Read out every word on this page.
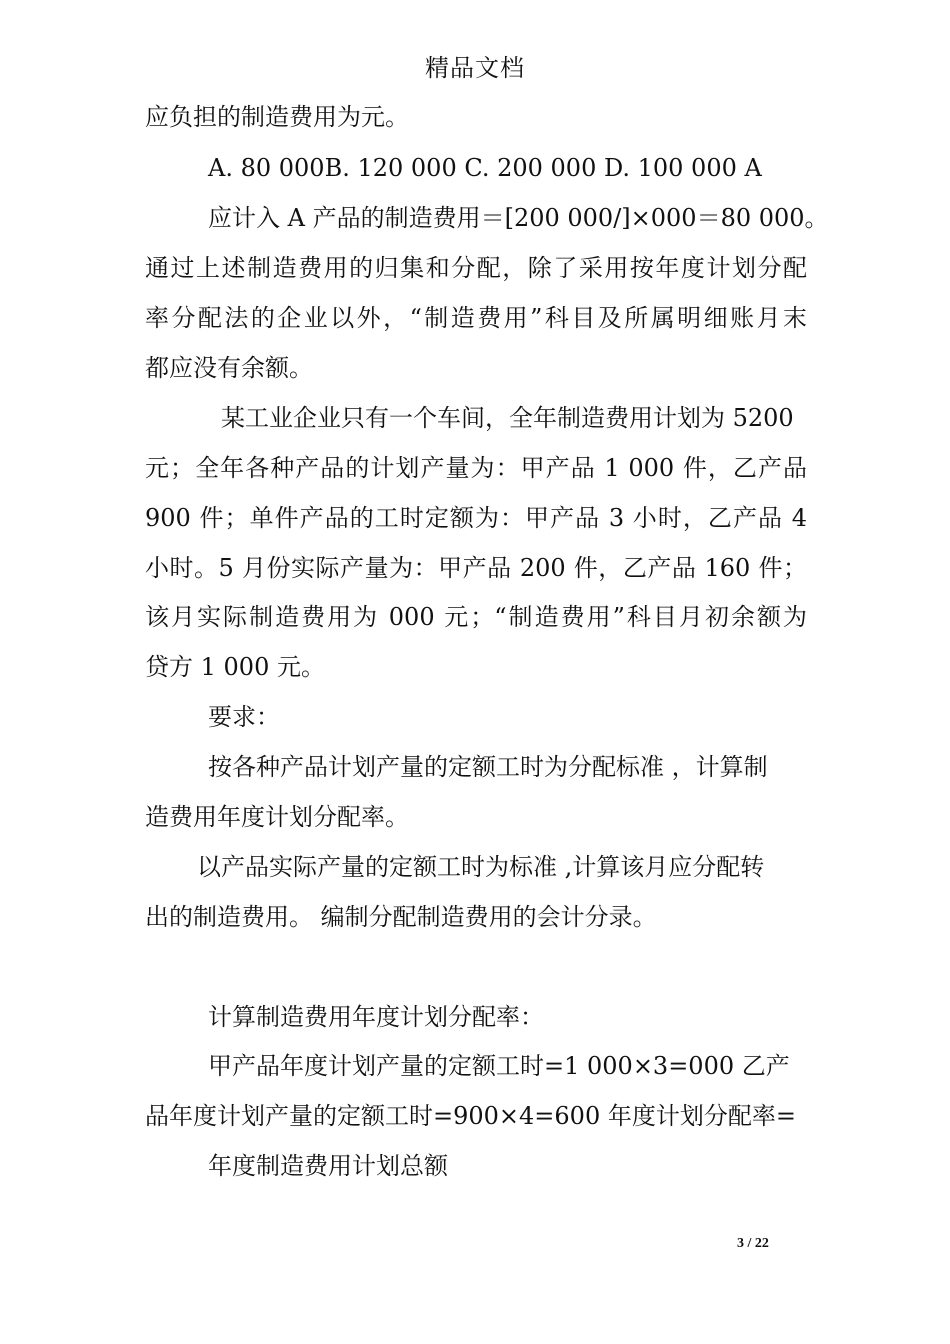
精品文档
应负担的制造费用为元。
A. 80 000B. 120 000 C. 200 000 D. 100 000 A
应计入 A 产品的制造费用＝[200 000/]×000＝80 000。
通过上述制造费用的归集和分配，除了采用按年度计划分配
率分配法的企业以外，“制造费用”科目及所属明细账月末
都应没有余额。
某工业企业只有一个车间，全年制造费用计划为 5200
元；全年各种产品的计划产量为：甲产品 1 000 件，乙产品
900 件；单件产品的工时定额为：甲产品 3 小时，乙产品 4
小时。5 月份实际产量为：甲产品 200 件，乙产品 160 件；
该月实际制造费用为 000 元；“制造费用”科目月初余额为
贷方 1 000 元。
要求：
按各种产品计划产量的定额工时为分配标准 ，计算制
造费用年度计划分配率。
以产品实际产量的定额工时为标准 ,计算该月应分配转
出的制造费用。 编制分配制造费用的会计分录。
计算制造费用年度计划分配率：
甲产品年度计划产量的定额工时=1 000×3=000 乙产
品年度计划产量的定额工时=900×4=600 年度计划分配率=
年度制造费用计划总额
3 / 22
